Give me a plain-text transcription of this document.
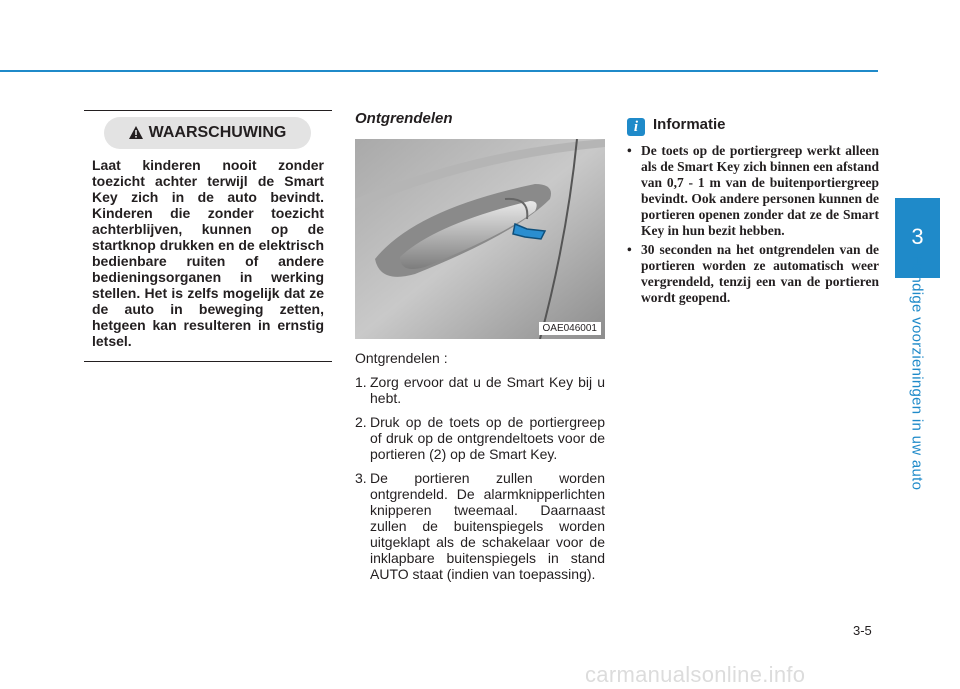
3
Handige voorzieningen in uw auto
WAARSCHUWING
Laat kinderen nooit zonder toezicht achter terwijl de Smart Key zich in de auto bevindt. Kinderen die zonder toezicht achterblijven, kunnen op de startknop drukken en de elektrisch bedienbare ruiten of andere bedieningsorganen in werking stellen. Het is zelfs mogelijk dat ze de auto in beweging zetten, hetgeen kan resulteren in ernstig letsel.
Ontgrendelen
OAE046001

Ontgrendelen :

1. Zorg ervoor dat u de Smart Key bij u hebt.
2. Druk op de toets op de portiergreep of druk op de ontgrendeltoets voor de portieren (2) op de Smart Key.
3. De portieren zullen worden ontgrendeld. De alarmknipperlichten knipperen tweemaal. Daarnaast zullen de buitenspiegels worden uitgeklapt als de schakelaar voor de inklapbare buitenspiegels in stand AUTO staat (indien van toepassing).
i Informatie
• De toets op de portiergreep werkt alleen als de Smart Key zich binnen een afstand van 0,7 - 1 m van de buitenportiergreep bevindt. Ook andere personen kunnen de portieren openen zonder dat ze de Smart Key in hun bezit hebben.
• 30 seconden na het ontgrendelen van de portieren worden ze automatisch weer vergrendeld, tenzij een van de portieren wordt geopend.
3-5
carmanualsonline.info
